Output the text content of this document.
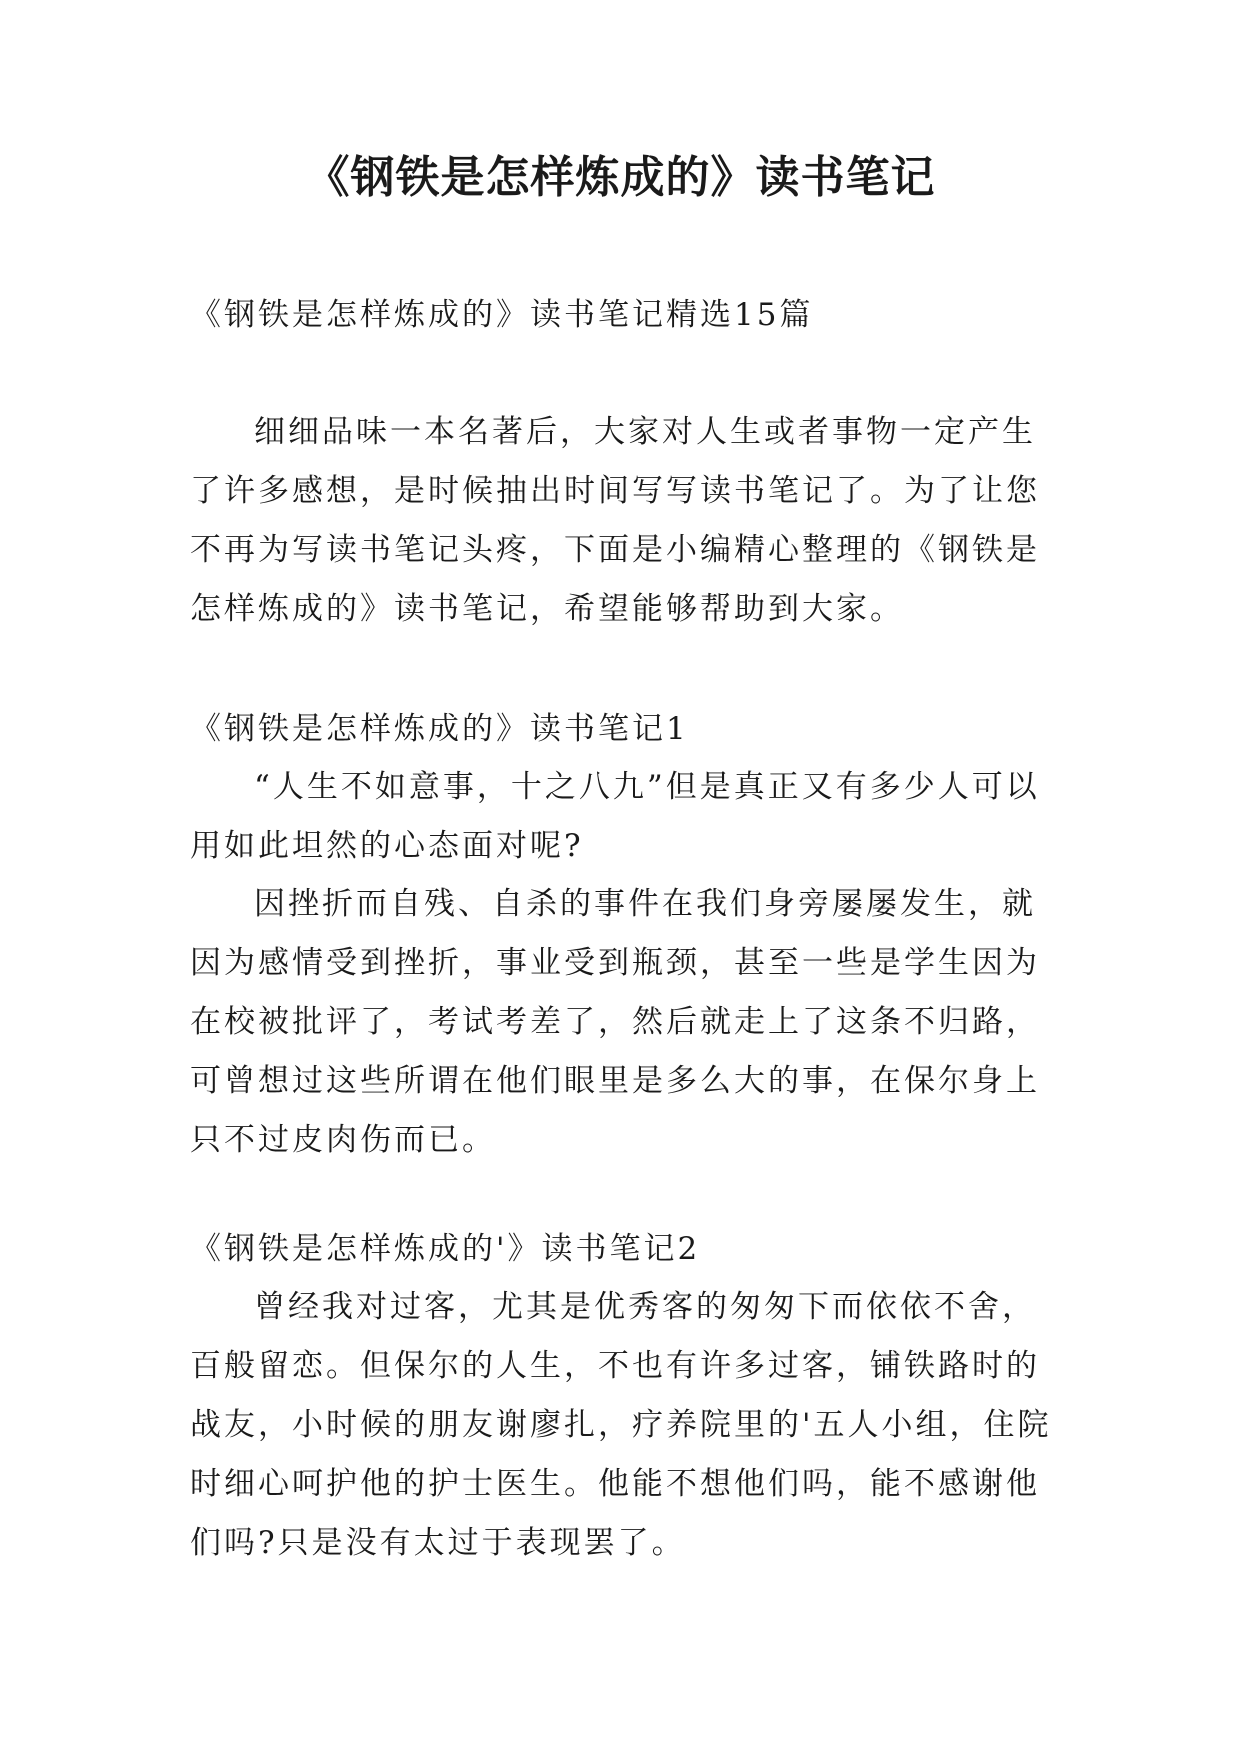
《钢铁是怎样炼成的》读书笔记

《钢铁是怎样炼成的》读书笔记精选15篇

细细品味一本名著后，大家对人生或者事物一定产生了许多感想，是时候抽出时间写写读书笔记了。为了让您不再为写读书笔记头疼，下面是小编精心整理的《钢铁是怎样炼成的》读书笔记，希望能够帮助到大家。

《钢铁是怎样炼成的》读书笔记1

“人生不如意事，十之八九”但是真正又有多少人可以用如此坦然的心态面对呢?

因挫折而自残、自杀的事件在我们身旁屡屡发生，就因为感情受到挫折，事业受到瓶颈，甚至一些是学生因为在校被批评了，考试考差了，然后就走上了这条不归路，可曾想过这些所谓在他们眼里是多么大的事，在保尔身上只不过皮肉伤而已。

《钢铁是怎样炼成的'》读书笔记2

曾经我对过客，尤其是优秀客的匆匆下而依依不舍，百般留恋。但保尔的人生，不也有许多过客，铺铁路时的战友，小时候的朋友谢廖扎，疗养院里的'五人小组，住院时细心呵护他的护士医生。他能不想他们吗，能不感谢他们吗?只是没有太过于表现罢了。
